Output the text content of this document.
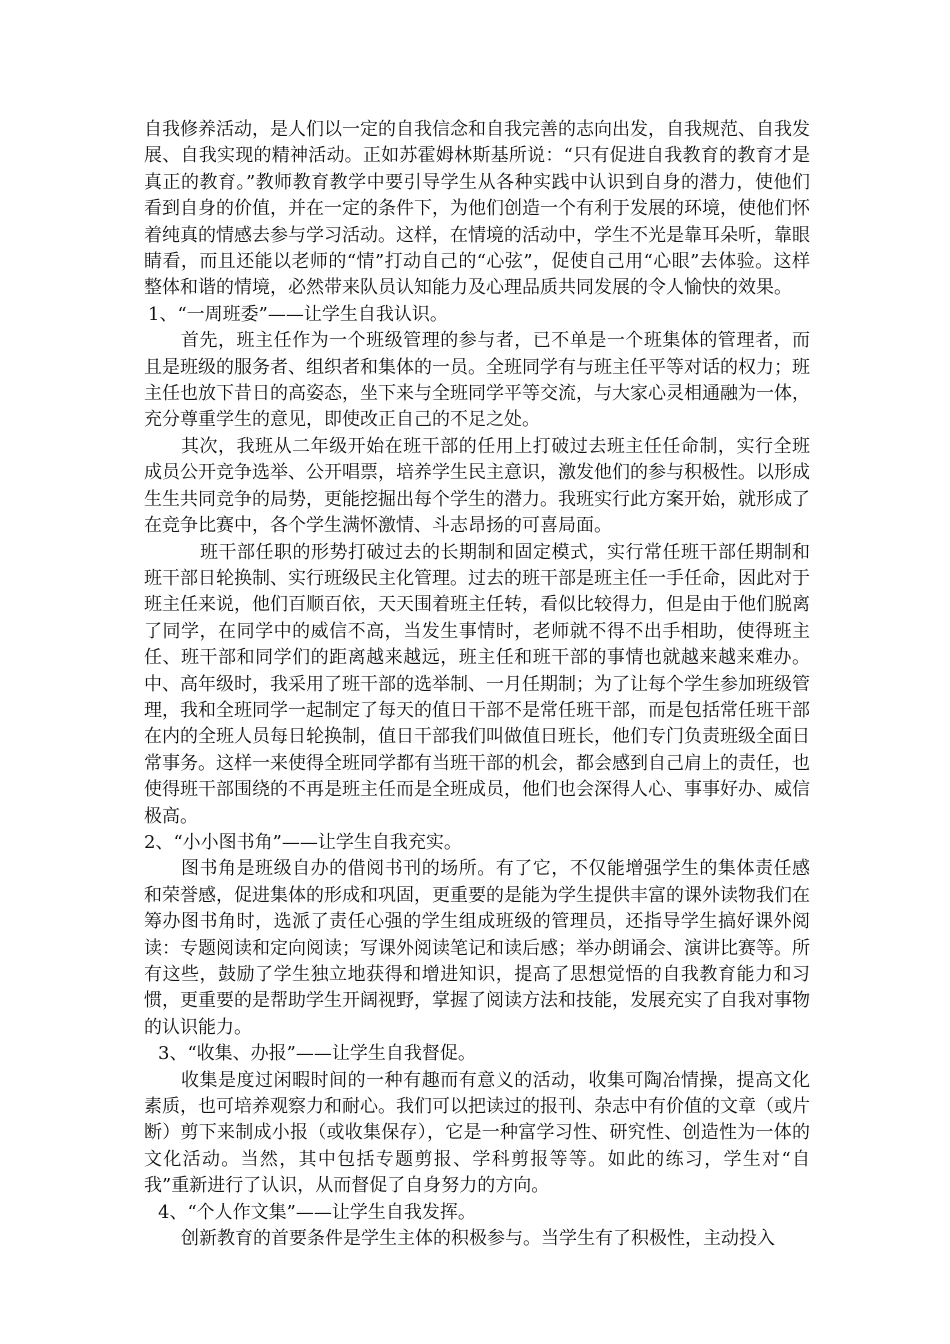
自我修养活动，是人们以一定的自我信念和自我完善的志向出发，自我规范、自我发展、自我实现的精神活动。正如苏霍姆林斯基所说：“只有促进自我教育的教育才是真正的教育。”教师教育教学中要引导学生从各种实践中认识到自身的潜力，使他们看到自身的价值，并在一定的条件下，为他们创造一个有利于发展的环境，使他们怀着纯真的情感去参与学习活动。这样，在情境的活动中，学生不光是靠耳朵听，靠眼睛看，而且还能以老师的“情”打动自己的“心弦”，促使自己用“心眼”去体验。这样整体和谐的情境，必然带来队员认知能力及心理品质共同发展的令人愉快的效果。

1、“一周班委”——让学生自我认识。

首先，班主任作为一个班级管理的参与者，已不单是一个班集体的管理者，而且是班级的服务者、组织者和集体的一员。全班同学有与班主任平等对话的权力；班主任也放下昔日的高姿态，坐下来与全班同学平等交流，与大家心灵相通融为一体，充分尊重学生的意见，即使改正自己的不足之处。

其次，我班从二年级开始在班干部的任用上打破过去班主任任命制，实行全班成员公开竞争选举、公开唱票，培养学生民主意识，激发他们的参与积极性。以形成生生共同竞争的局势，更能挖掘出每个学生的潜力。我班实行此方案开始，就形成了在竞争比赛中，各个学生满怀激情、斗志昂扬的可喜局面。

班干部任职的形势打破过去的长期制和固定模式，实行常任班干部任期制和班干部日轮换制、实行班级民主化管理。过去的班干部是班主任一手任命，因此对于班主任来说，他们百顺百依，天天围着班主任转，看似比较得力，但是由于他们脱离了同学，在同学中的威信不高，当发生事情时，老师就不得不出手相助，使得班主任、班干部和同学们的距离越来越远，班主任和班干部的事情也就越来越来难办。中、高年级时，我采用了班干部的选举制、一月任期制；为了让每个学生参加班级管理，我和全班同学一起制定了每天的值日干部不是常任班干部，而是包括常任班干部在内的全班人员每日轮换制，值日干部我们叫做值日班长，他们专门负责班级全面日常事务。这样一来使得全班同学都有当班干部的机会，都会感到自己肩上的责任，也使得班干部围绕的不再是班主任而是全班成员，他们也会深得人心、事事好办、威信极高。

2、“小小图书角”——让学生自我充实。

图书角是班级自办的借阅书刊的场所。有了它，不仅能增强学生的集体责任感和荣誉感，促进集体的形成和巩固，更重要的是能为学生提供丰富的课外读物我们在筹办图书角时，选派了责任心强的学生组成班级的管理员，还指导学生搞好课外阅读：专题阅读和定向阅读；写课外阅读笔记和读后感；举办朗诵会、演讲比赛等。所有这些，鼓励了学生独立地获得和增进知识，提高了思想觉悟的自我教育能力和习惯，更重要的是帮助学生开阔视野，掌握了阅读方法和技能，发展充实了自我对事物的认识能力。

3、“收集、办报”——让学生自我督促。

收集是度过闲暇时间的一种有趣而有意义的活动，收集可陶冶情操，提高文化素质，也可培养观察力和耐心。我们可以把读过的报刊、杂志中有价值的文章（或片断）剪下来制成小报（或收集保存），它是一种富学习性、研究性、创造性为一体的文化活动。当然，其中包括专题剪报、学科剪报等等。如此的练习，学生对“自我”重新进行了认识，从而督促了自身努力的方向。

4、“个人作文集”——让学生自我发挥。

创新教育的首要条件是学生主体的积极参与。当学生有了积极性，主动投入
